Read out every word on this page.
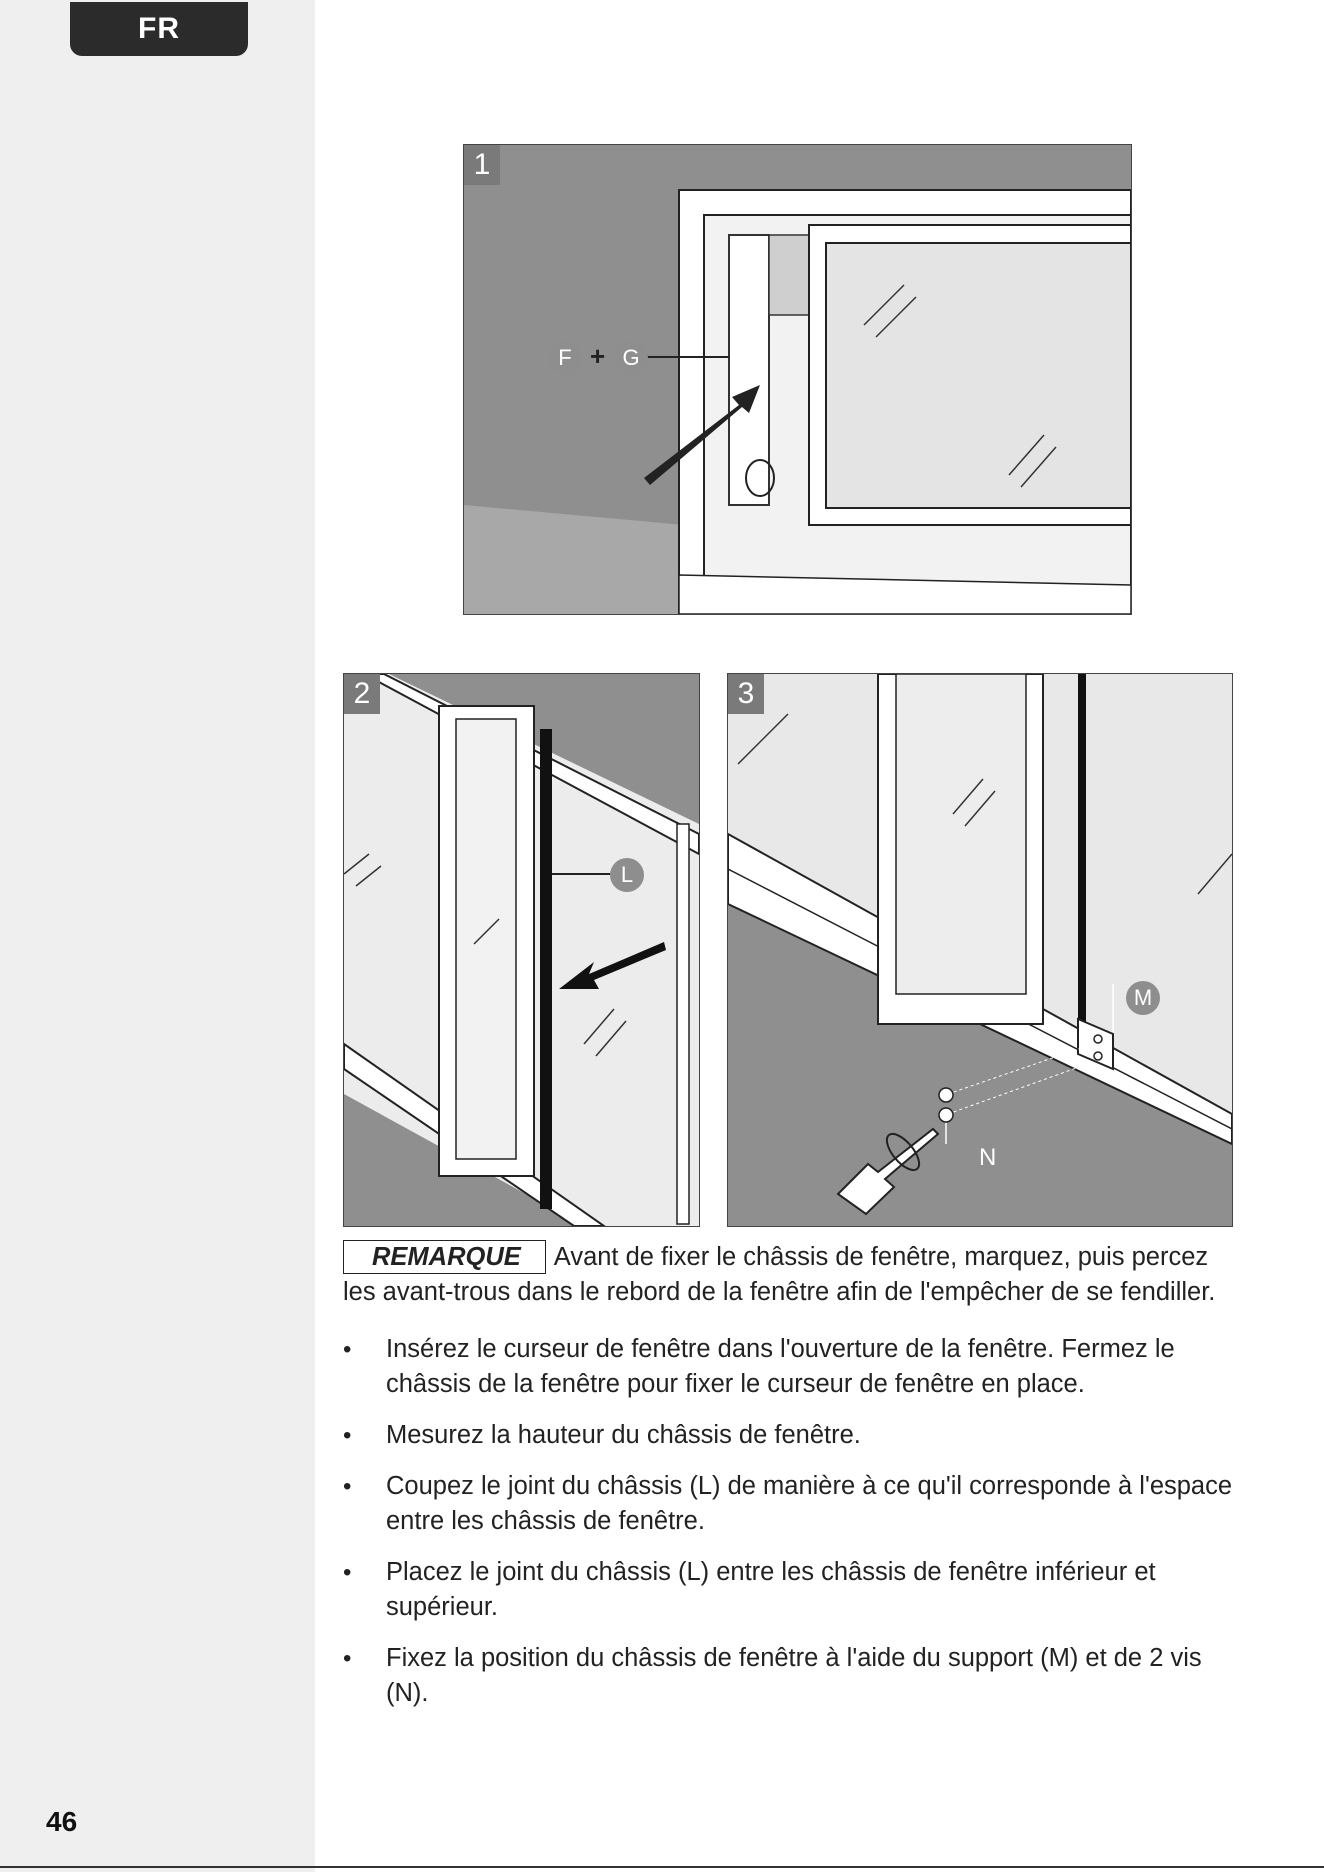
FR
1
F + G
2
L
3
M
N
REMARQUE Avant de fixer le châssis de fenêtre, marquez, puis percez les avant-trous dans le rebord de la fenêtre afin de l'empêcher de se fendiller.
• Insérez le curseur de fenêtre dans l'ouverture de la fenêtre. Fermez le châssis de la fenêtre pour fixer le curseur de fenêtre en place.
• Mesurez la hauteur du châssis de fenêtre.
• Coupez le joint du châssis (L) de manière à ce qu'il corresponde à l'espace entre les châssis de fenêtre.
• Placez le joint du châssis (L) entre les châssis de fenêtre inférieur et supérieur.
• Fixez la position du châssis de fenêtre à l'aide du support (M) et de 2 vis (N).
46
